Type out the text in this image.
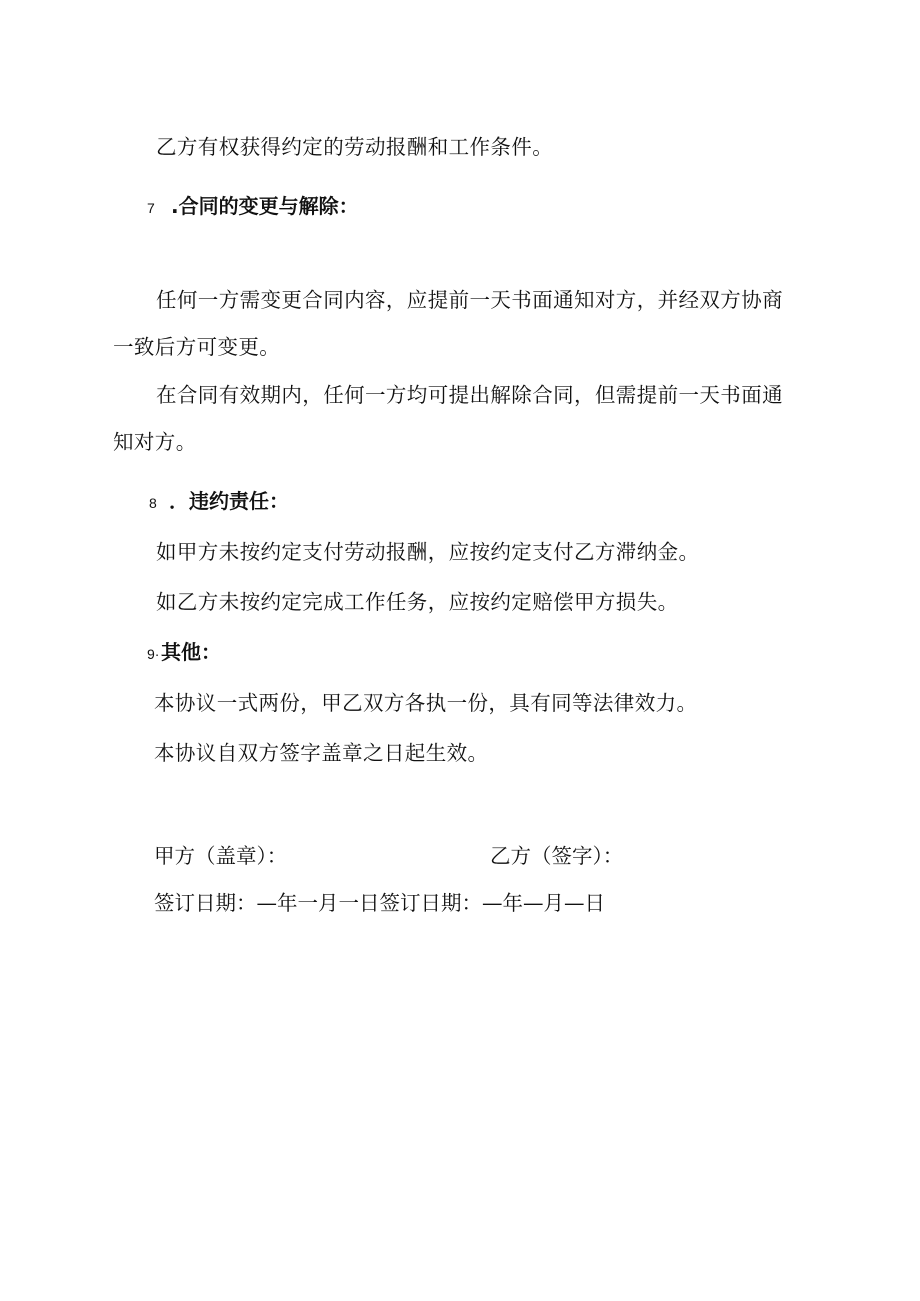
乙方有权获得约定的劳动报酬和工作条件。
7 .合同的变更与解除：
任何一方需变更合同内容，应提前一天书面通知对方，并经双方协商
一致后方可变更。
在合同有效期内，任何一方均可提出解除合同，但需提前一天书面通
知对方。
8 ．违约责任：
如甲方未按约定支付劳动报酬，应按约定支付乙方滞纳金。
如乙方未按约定完成工作任务，应按约定赔偿甲方损失。
9·其他：
本协议一式两份，甲乙双方各执一份，具有同等法律效力。
本协议自双方签字盖章之日起生效。
甲方（盖章）：	乙方（签字）：
签订日期：—年一月一日签订日期：—年—月—日
